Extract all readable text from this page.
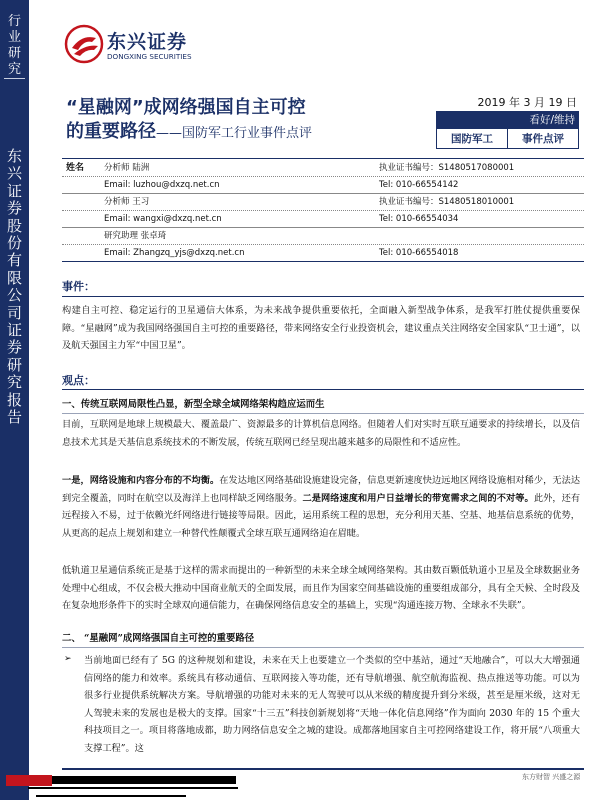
行
业
研
究
东
兴
证
券
股
份
有
限
公
司
证
券
研
究
报
告
东兴证券
DONGXING SECURITIES
“星融网”成网络强国自主可控
的重要路径——国防军工行业事件点评
2019 年 3 月 19 日
看好/维持
国防军工	事件点评
姓名 分析师 陆洲	执业证书编号：S1480517080001
Email: luzhou@dxzq.net.cn	Tel: 010-66554142
分析师 王习	执业证书编号：S1480518010001
Email: wangxi@dxzq.net.cn	Tel: 010-66554034
研究助理 张卓琦
Email: Zhangzq_yjs@dxzq.net.cn	Tel: 010-66554018
事件：
构建自主可控、稳定运行的卫星通信大体系，为未来战争提供重要依托，全面融入新型战争体系，是我军打胜仗提供重要保障。“星融网”成为我国网络强国自主可控的重要路径，带来网络安全行业投资机会，建议重点关注网络安全国家队“卫士通”，以及航天强国主力军“中国卫星”。
观点：
一、传统互联网局限性凸显，新型全球全域网络架构趋应运而生
目前，互联网是地球上规模最大、覆盖最广、资源最多的计算机信息网络。但随着人们对实时互联互通要求的持续增长，以及信息技术尤其是天基信息系统技术的不断发展，传统互联网已经呈现出越来越多的局限性和不适应性。
一是，网络设施和内容分布的不均衡。在发达地区网络基础设施建设完备，信息更新速度快边远地区网络设施相对稀少，无法达到完全覆盖，同时在航空以及海洋上也同样缺乏网络服务。二是网络速度和用户日益增长的带宽需求之间的不对等。此外，还有远程接入不易，过于依赖光纤网络进行链接等局限。因此，运用系统工程的思想，充分利用天基、空基、地基信息系统的优势，从更高的起点上规划和建立一种替代性颠覆式全球互联互通网络迫在眉睫。
低轨道卫星通信系统正是基于这样的需求而提出的一种新型的未来全球全域网络架构。其由数百颗低轨道小卫星及全球数据业务处理中心组成，不仅会极大推动中国商业航天的全面发展，而且作为国家空间基础设施的重要组成部分，具有全天候、全时段及在复杂地形条件下的实时全球双向通信能力，在确保网络信息安全的基础上，实现“沟通连接万物、全球永不失联”。
二、 “星融网”成网络强国自主可控的重要路径
➢ 当前地面已经有了 5G 的这种规划和建设，未来在天上也要建立一个类似的空中基站，通过“天地融合”，可以大大增强通信网络的能力和效率。系统具有移动通信、互联网接入等功能，还有导航增强、航空航海监视、热点推送等功能。可以为很多行业提供系统解决方案。导航增强的功能对未来的无人驾驶可以从米级的精度提升到分米级，甚至是厘米级，这对无人驾驶未来的发展也是极大的支撑。国家“十三五”科技创新规划将“天地一体化信息网络”作为面向 2030 年的 15 个重大科技项目之一。项目将落地成都，助力网络信息安全之城的建设。成都落地国家自主可控网络建设工作，将开展“八项重大支撑工程”。这
东方财智 兴盛之源
